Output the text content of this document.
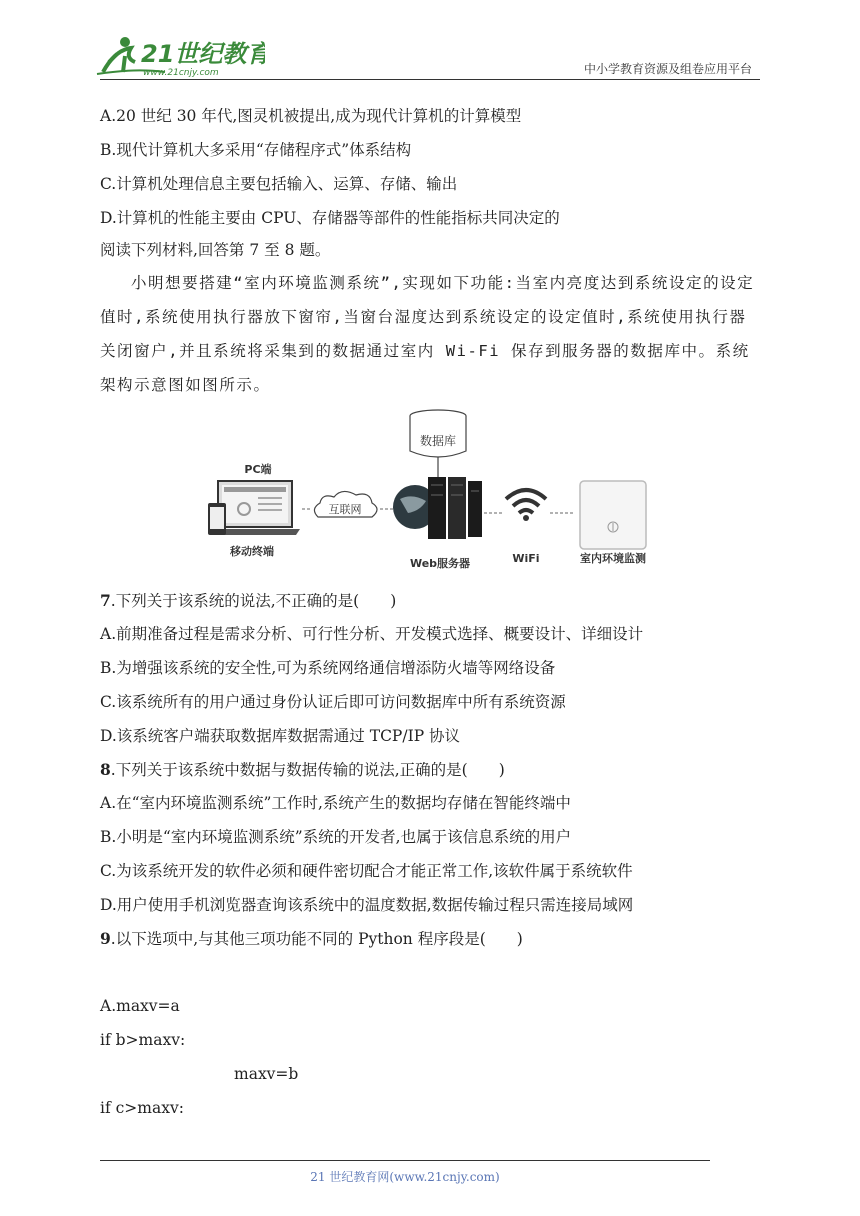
21世纪教育
www.21cnjy.com	中小学教育资源及组卷应用平台
A.20 世纪 30 年代,图灵机被提出,成为现代计算机的计算模型
B.现代计算机大多采用“存储程序式”体系结构
C.计算机处理信息主要包括输入、运算、存储、输出
D.计算机的性能主要由 CPU、存储器等部件的性能指标共同决定的
阅读下列材料,回答第 7 至 8 题。
小明想要搭建“室内环境监测系统”,实现如下功能:当室内亮度达到系统设定的设定值时,系统使用执行器放下窗帘,当窗台湿度达到系统设定的设定值时,系统使用执行器关闭窗户,并且系统将采集到的数据通过室内 Wi-Fi 保存到服务器的数据库中。系统架构示意图如图所示。
数据库
PC端
移动终端
互联网
Web服务器	WiFi	室内环境监测
7.下列关于该系统的说法,不正确的是(　　)
A.前期准备过程是需求分析、可行性分析、开发模式选择、概要设计、详细设计
B.为增强该系统的安全性,可为系统网络通信增添防火墙等网络设备
C.该系统所有的用户通过身份认证后即可访问数据库中所有系统资源
D.该系统客户端获取数据库数据需通过 TCP/IP 协议
8.下列关于该系统中数据与数据传输的说法,正确的是(　　)
A.在“室内环境监测系统”工作时,系统产生的数据均存储在智能终端中
B.小明是“室内环境监测系统”系统的开发者,也属于该信息系统的用户
C.为该系统开发的软件必须和硬件密切配合才能正常工作,该软件属于系统软件
D.用户使用手机浏览器查询该系统中的温度数据,数据传输过程只需连接局域网
9.以下选项中,与其他三项功能不同的 Python 程序段是(　　)
A.maxv=a
if b>maxv:
maxv=b
if c>maxv:
21 世纪教育网(www.21cnjy.com)
